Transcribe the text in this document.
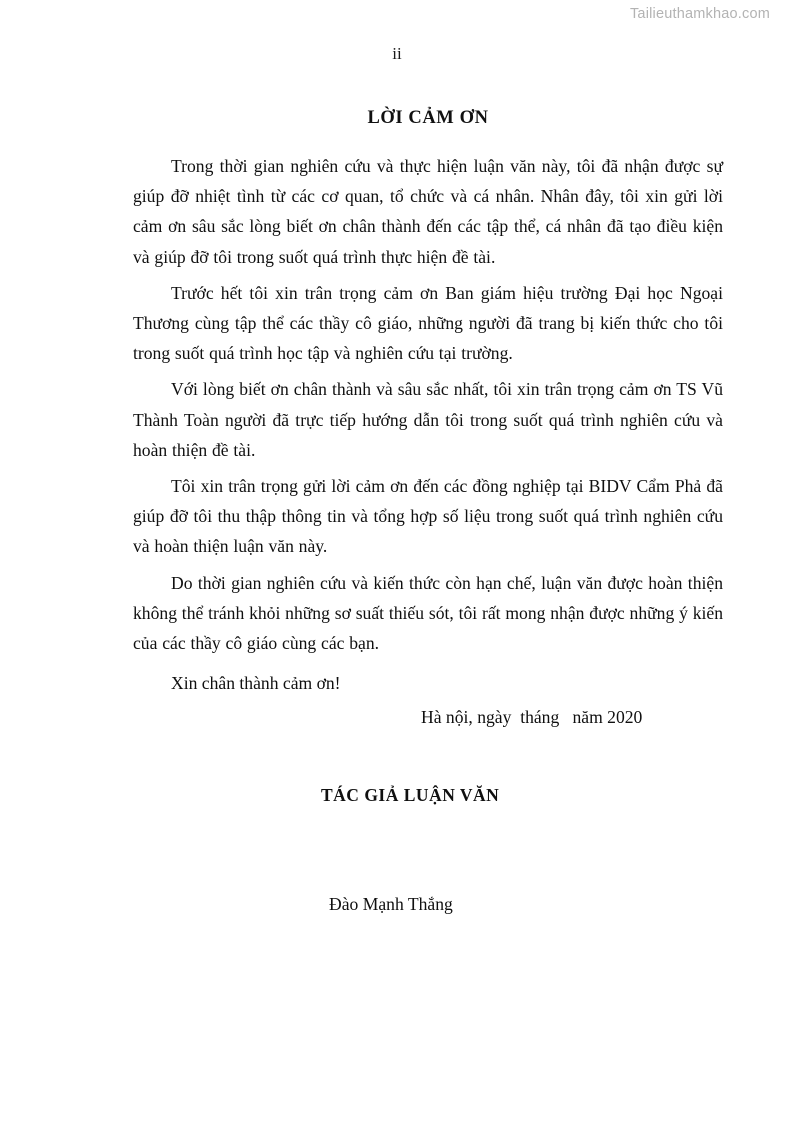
Tailieuthamkhao.com
ii
LỜI CẢM ƠN

Trong thời gian nghiên cứu và thực hiện luận văn này, tôi đã nhận được sự giúp đỡ nhiệt tình từ các cơ quan, tổ chức và cá nhân. Nhân đây, tôi xin gửi lời cảm ơn sâu sắc lòng biết ơn chân thành đến các tập thể, cá nhân đã tạo điều kiện và giúp đỡ tôi trong suốt quá trình thực hiện đề tài.

Trước hết tôi xin trân trọng cảm ơn Ban giám hiệu trường Đại học Ngoại Thương cùng tập thể các thầy cô giáo, những người đã trang bị kiến thức cho tôi trong suốt quá trình học tập và nghiên cứu tại trường.

Với lòng biết ơn chân thành và sâu sắc nhất, tôi xin trân trọng cảm ơn TS Vũ Thành Toàn người đã trực tiếp hướng dẫn tôi trong suốt quá trình nghiên cứu và hoàn thiện đề tài.

Tôi xin trân trọng gửi lời cảm ơn đến các đồng nghiệp tại BIDV Cẩm Phả đã giúp đỡ tôi thu thập thông tin và tổng hợp số liệu trong suốt quá trình nghiên cứu và hoàn thiện luận văn này.

Do thời gian nghiên cứu và kiến thức còn hạn chế, luận văn được hoàn thiện không thể tránh khỏi những sơ suất thiếu sót, tôi rất mong nhận được những ý kiến của các thầy cô giáo cùng các bạn.

Xin chân thành cảm ơn!

Hà nội, ngày  tháng   năm 2020

TÁC GIẢ LUẬN VĂN

Đào Mạnh Thắng
